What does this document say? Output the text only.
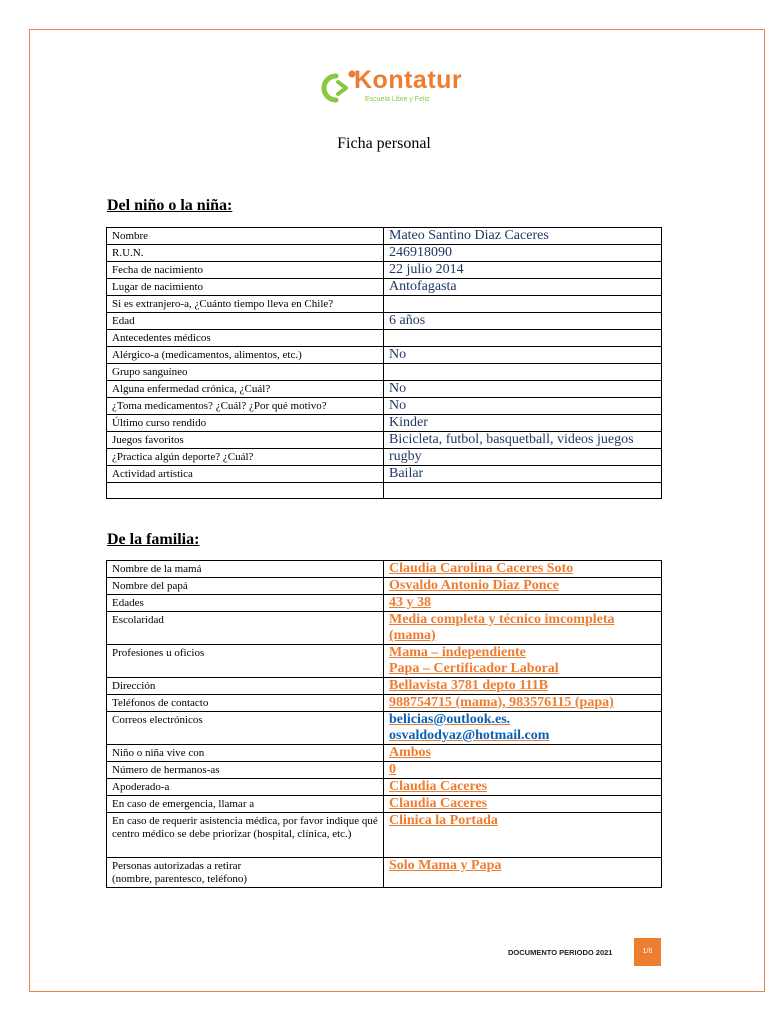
Kontatur
Escuela Libre y Feliz
Ficha personal
Del niño o la niña:
Nombre	Mateo Santino Diaz Caceres
R.U.N.	246918090
Fecha de nacimiento	22 julio 2014
Lugar de nacimiento	Antofagasta
Si es extranjero-a, ¿Cuánto tiempo lleva en Chile?	
Edad	6 años
Antecedentes médicos	
Alérgico-a (medicamentos, alimentos, etc.)	No
Grupo sanguíneo	
Alguna enfermedad crónica, ¿Cuál?	No
¿Toma medicamentos? ¿Cuál? ¿Por qué motivo?	No
Último curso rendido	Kinder
Juegos favoritos	Bicicleta, futbol, basquetball, videos juegos
¿Practica algún deporte? ¿Cuál?	rugby
Actividad artística	Bailar

De la familia:
Nombre de la mamá	Claudia Carolina Caceres Soto

Nombre del papá	Osvaldo Antonio Diaz Ponce

Edades	43 y 38

Escolaridad	Media completa y técnico imcompleta (mama)

Profesiones u oficios	Mama – independiente
Papa – Certificador Laboral

Dirección	Bellavista 3781 depto 111B

Teléfonos de contacto	988754715 (mama), 983576115 (papa)

Correos electrónicos	belicias@outlook.es.
osvaldodyaz@hotmail.com

Niño o niña vive con	Ambos

Número de hermanos-as	0

Apoderado-a	Claudia Caceres

En caso de emergencia, llamar a	Claudia Caceres

En caso de requerir asistencia médica, por favor indique qué centro médico se debe priorizar (hospital, clínica, etc.)	Clinica la Portada

Personas autorizadas a retirar
(nombre, parentesco, teléfono)	Solo Mama y Papa
DOCUMENTO PERIODO 2021	1/6
